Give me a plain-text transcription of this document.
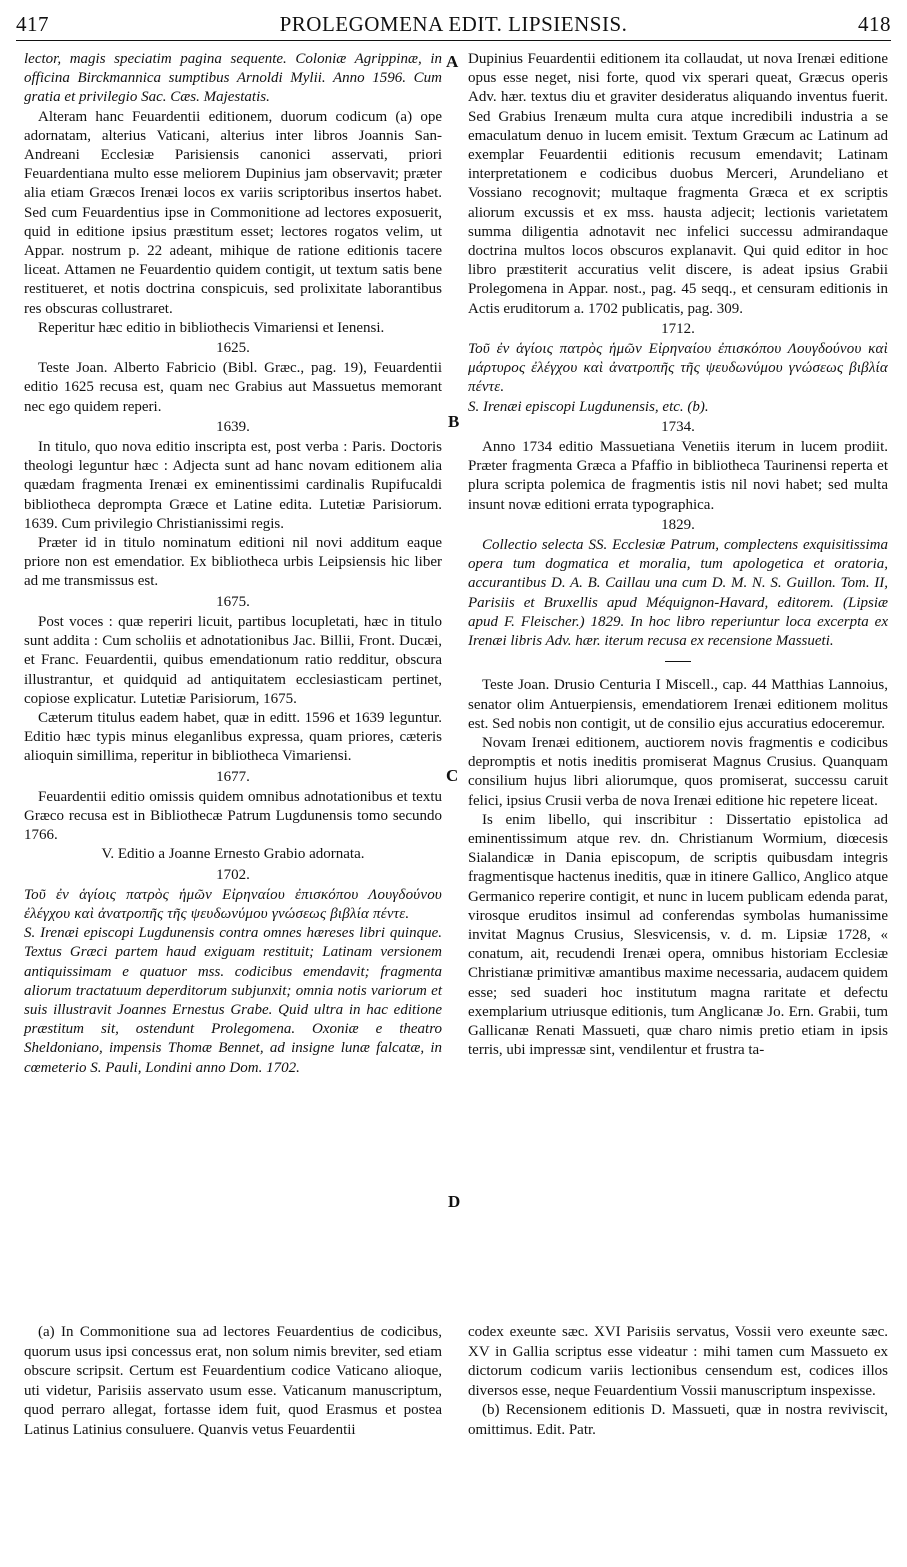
417	PROLEGOMENA EDIT. LIPSIENSIS.	418
A
B
C
D

lector, magis speciatim pagina sequente. Coloniæ Agrippinæ, in officina Birckmannica sumptibus Arnoldi Mylii. Anno 1596. Cum gratia et privilegio Sac. Cæs. Majestatis.

Alteram hanc Feuardentii editionem, duorum codicum (a) ope adornatam, alterius Vaticani, alterius inter libros Joannis San-Andreani Ecclesiæ Parisiensis canonici asservati, priori Feuardentiana multo esse meliorem Dupinius jam observavit; præter alia etiam Græcos Irenæi locos ex variis scriptoribus insertos habet. Sed cum Feuardentius ipse in Commonitione ad lectores exposuerit, quid in editione ipsius præstitum esset; lectores rogatos velim, ut Appar. nostrum p. 22 adeant, mihique de ratione editionis tacere liceat. Attamen ne Feuardentio quidem contigit, ut textum satis bene restitueret, et notis doctrina conspicuis, sed prolixitate laborantibus res obscuras collustraret.

Reperitur hæc editio in bibliothecis Vimariensi et Ienensi.

1625.

Teste Joan. Alberto Fabricio (Bibl. Græc., pag. 19), Feuardentii editio 1625 recusa est, quam nec Grabius aut Massuetus memorant nec ego quidem reperi.

1639.

In titulo, quo nova editio inscripta est, post verba : Paris. Doctoris theologi leguntur hæc : Adjecta sunt ad hanc novam editionem alia quædam fragmenta Irenæi ex eminentissimi cardinalis Rupifucaldi bibliotheca deprompta Græce et Latine edita. Lutetiæ Parisiorum. 1639. Cum privilegio Christianissimi regis.

Præter id in titulo nominatum editioni nil novi additum eaque priore non est emendatior. Ex bibliotheca urbis Leipsiensis hic liber ad me transmissus est.

1675.

Post voces : quæ reperiri licuit, partibus locupletati, hæc in titulo sunt addita : Cum scholiis et adnotationibus Jac. Billii, Front. Ducæi, et Franc. Feuardentii, quibus emendationum ratio redditur, obscura illustrantur, et quidquid ad antiquitatem ecclesiasticam pertinet, copiose explicatur. Lutetiæ Parisiorum, 1675.

Cæterum titulus eadem habet, quæ in editt. 1596 et 1639 leguntur. Editio hæc typis minus eleganlibus expressa, quam priores, cæteris alioquin simillima, reperitur in bibliotheca Vimariensi.

1677.

Feuardentii editio omissis quidem omnibus adnotationibus et textu Græco recusa est in Bibliothecæ Patrum Lugdunensis tomo secundo 1766.

V. Editio a Joanne Ernesto Grabio adornata.
1702.

Τοῦ ἐν ἁγίοις πατρὸς ἡμῶν Εἰρηναίου ἐπισκόπου Λουγδούνου ἐλέγχου καὶ ἀνατροπῆς τῆς ψευδωνύμου γνώσεως βιβλία πέντε.

S. Irenæi episcopi Lugdunensis contra omnes hæreses libri quinque. Textus Græci partem haud exiguam restituit; Latinam versionem antiquissimam e quatuor mss. codicibus emendavit; fragmenta aliorum tractatuum deperditorum subjunxit; omnia notis variorum et suis illustravit Joannes Ernestus Grabe. Quid ultra in hac editione præstitum sit, ostendunt Prolegomena. Oxoniæ e theatro Sheldoniano, impensis Thomæ Bennet, ad insigne lunæ falcatæ, in cœmeterio S. Pauli, Londini anno Dom. 1702.

Dupinius Feuardentii editionem ita collaudat, ut nova Irenæi editione opus esse neget, nisi forte, quod vix sperari queat, Græcus operis Adv. hær. textus diu et graviter desideratus aliquando inventus fuerit. Sed Grabius Irenæum multa cura atque incredibili industria a se emaculatum denuo in lucem emisit. Textum Græcum ac Latinum ad exemplar Feuardentii editionis recusum emendavit; Latinam interpretationem e codicibus duobus Merceri, Arundeliano et Vossiano recognovit; multaque fragmenta Græca et ex scriptis aliorum excussis et ex mss. hausta adjecit; lectionis varietatem summa diligentia adnotavit nec infelici successu admirandaque doctrina multos locos obscuros explanavit. Qui quid editor in hoc libro præstiterit accuratius velit discere, is adeat ipsius Grabii Prolegomena in Appar. nost., pag. 45 seqq., et censuram editionis in Actis eruditorum a. 1702 publicatis, pag. 309.

1712.

Τοῦ ἐν ἁγίοις πατρὸς ἡμῶν Εἰρηναίου ἐπισκόπου Λουγδούνου καὶ μάρτυρος ἐλέγχου καὶ ἀνατροπῆς τῆς ψευδωνύμου γνώσεως βιβλία πέντε.

S. Irenæi episcopi Lugdunensis, etc. (b).

1734.

Anno 1734 editio Massuetiana Venetiis iterum in lucem prodiit. Præter fragmenta Græca a Pfaffio in bibliotheca Taurinensi reperta et plura scripta polemica de fragmentis istis nil novi habet; sed multa insunt novæ editioni errata typographica.

1829.

Collectio selecta SS. Ecclesiæ Patrum, complectens exquisitissima opera tum dogmatica et moralia, tum apologetica et oratoria, accurantibus D. A. B. Caillau una cum D. M. N. S. Guillon. Tom. II, Parisiis et Bruxellis apud Méquignon-Havard, editorem. (Lipsiæ apud F. Fleischer.) 1829. In hoc libro reperiuntur loca excerpta ex Irenæi libris Adv. hær. iterum recusa ex recensione Massueti.

Teste Joan. Drusio Centuria I Miscell., cap. 44 Matthias Lannoius, senator olim Antuerpiensis, emendatiorem Irenæi editionem molitus est. Sed nobis non contigit, ut de consilio ejus accuratius edoceremur.

Novam Irenæi editionem, auctiorem novis fragmentis e codicibus depromptis et notis ineditis promiserat Magnus Crusius. Quanquam consilium hujus libri aliorumque, quos promiserat, successu caruit felici, ipsius Crusii verba de nova Irenæi editione hic repetere liceat.

Is enim libello, qui inscribitur : Dissertatio epistolica ad eminentissimum atque rev. dn. Christianum Wormium, diœcesis Sialandicæ in Dania episcopum, de scriptis quibusdam integris fragmentisque hactenus ineditis, quæ in itinere Gallico, Anglico atque Germanico reperire contigit, et nunc in lucem publicam edenda parat, virosque eruditos insimul ad conferendas symbolas humanissime invitat Magnus Crusius, Slesvicensis, v. d. m. Lipsiæ 1728, « conatum, ait, recudendi Irenæi opera, omnibus historiam Ecclesiæ Christianæ primitivæ amantibus maxime necessaria, audacem quidem esse; sed suaderi hoc institutum magna raritate et defectu exemplarium utriusque editionis, tum Anglicanæ Jo. Ern. Grabii, tum Gallicanæ Renati Massueti, quæ charo nimis pretio etiam in ipsis terris, ubi impressæ sint, vendilentur et frustra ta-

(a) In Commonitione sua ad lectores Feuardentius de codicibus, quorum usus ipsi concessus erat, non solum nimis breviter, sed etiam obscure scripsit. Certum est Feuardentium codice Vaticano alioque, uti videtur, Parisiis asservato usum esse. Vaticanum manuscriptum, quod perraro allegat, fortasse idem fuit, quod Erasmus et postea Latinus Latinius consuluere. Quanvis vetus Feuardentii

codex exeunte sæc. XVI Parisiis servatus, Vossii vero exeunte sæc. XV in Gallia scriptus esse videatur : mihi tamen cum Massueto ex dictorum codicum variis lectionibus censendum est, codices illos diversos esse, neque Feuardentium Vossii manuscriptum inspexisse.

(b) Recensionem editionis D. Massueti, quæ in nostra reviviscit, omittimus. Edit. Patr.
